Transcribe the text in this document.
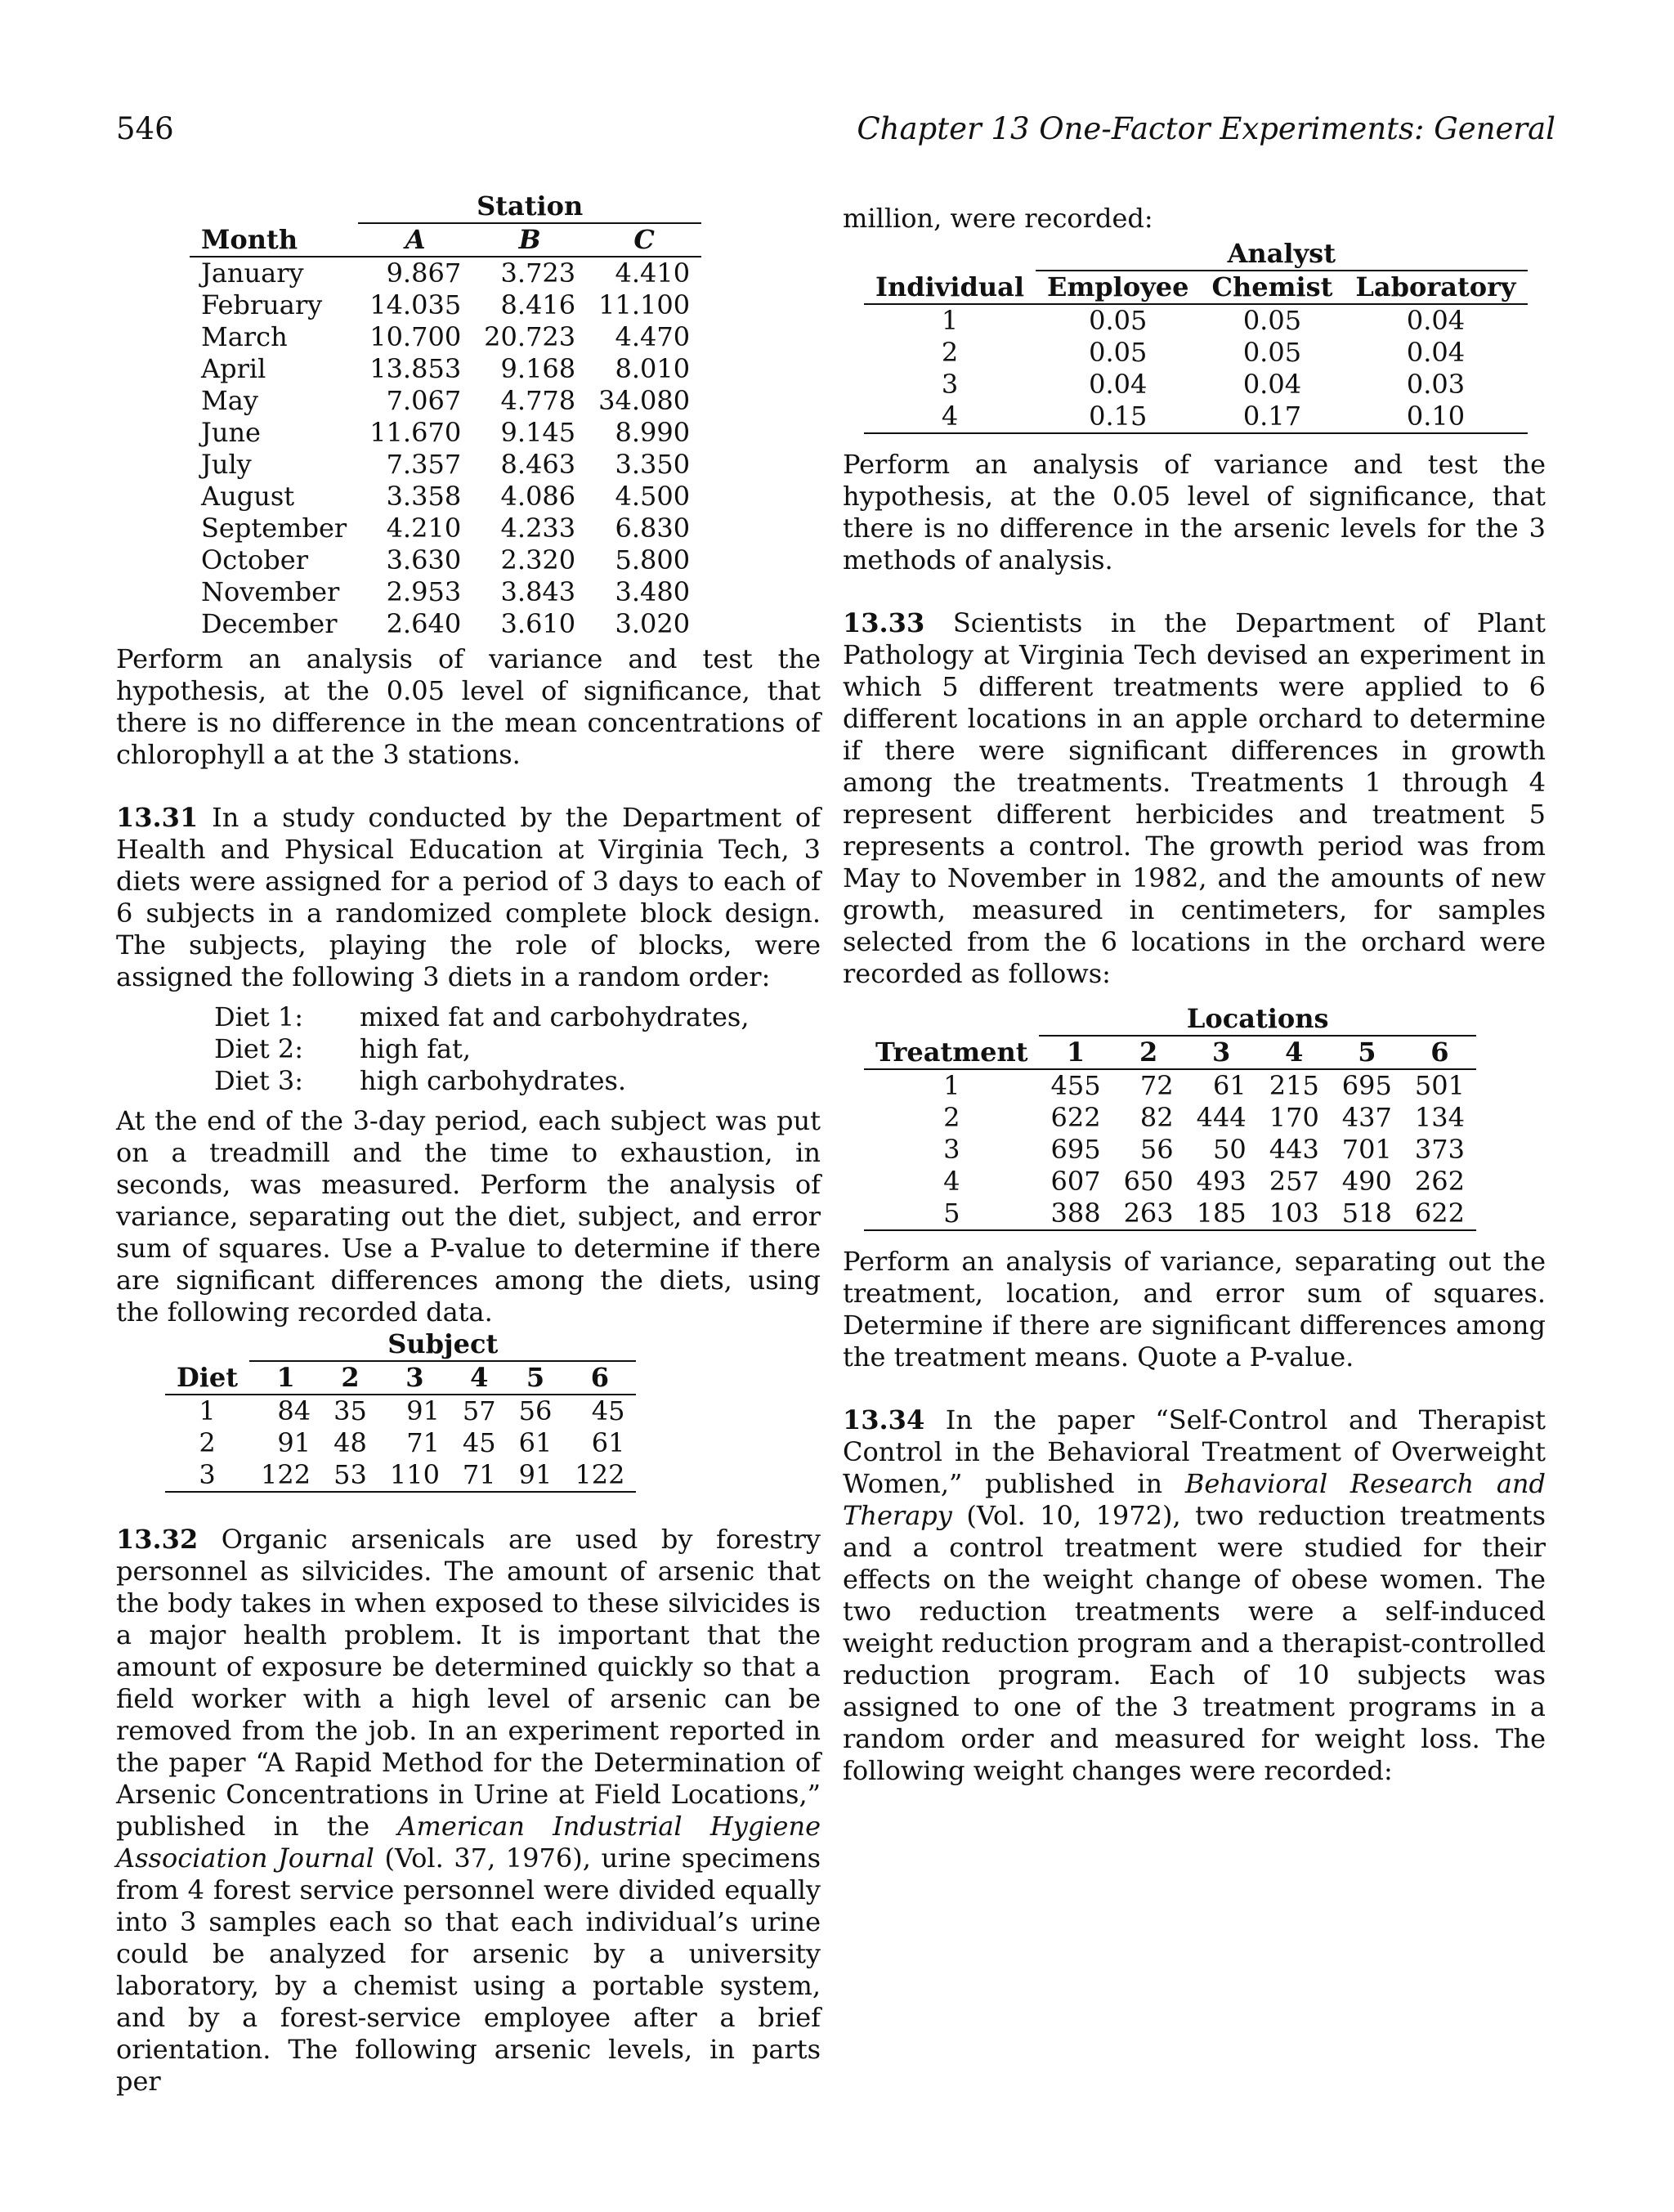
546	Chapter 13 One-Factor Experiments: General
	Station		
Month	A	B	C
January	9.867	3.723	4.410
February	14.035	8.416	11.100
March	10.700	20.723	4.470
April	13.853	9.168	8.010
May	7.067	4.778	34.080
June	11.670	9.145	8.990
July	7.357	8.463	3.350
August	3.358	4.086	4.500
September	4.210	4.233	6.830
October	3.630	2.320	5.800
November	2.953	3.843	3.480
December	2.640	3.610	3.020

Perform an analysis of variance and test the hypothesis, at the 0.05 level of significance, that there is no difference in the mean concentrations of chlorophyll a at the 3 stations.

13.31 In a study conducted by the Department of Health and Physical Education at Virginia Tech, 3 diets were assigned for a period of 3 days to each of 6 subjects in a randomized complete block design. The subjects, playing the role of blocks, were assigned the following 3 diets in a random order:

Diet 1:	mixed fat and carbohydrates,
Diet 2:	high fat,
Diet 3:	high carbohydrates.

At the end of the 3-day period, each subject was put on a treadmill and the time to exhaustion, in seconds, was measured. Perform the analysis of variance, separating out the diet, subject, and error sum of squares. Use a P-value to determine if there are significant differences among the diets, using the following recorded data.

	Subject					
Diet	1	2	3	4	5	6
1	84	35	91	57	56	45
2	91	48	71	45	61	61
3	122	53	110	71	91	122

13.32 Organic arsenicals are used by forestry personnel as silvicides. The amount of arsenic that the body takes in when exposed to these silvicides is a major health problem. It is important that the amount of exposure be determined quickly so that a field worker with a high level of arsenic can be removed from the job. In an experiment reported in the paper “A Rapid Method for the Determination of Arsenic Concentrations in Urine at Field Locations,” published in the American Industrial Hygiene Association Journal (Vol. 37, 1976), urine specimens from 4 forest service personnel were divided equally into 3 samples each so that each individual’s urine could be analyzed for arsenic by a university laboratory, by a chemist using a portable system, and by a forest-service employee after a brief orientation. The following arsenic levels, in parts per

million, were recorded:

	Analyst		
Individual	Employee	Chemist	Laboratory
1	0.05	0.05	0.04
2	0.05	0.05	0.04
3	0.04	0.04	0.03
4	0.15	0.17	0.10

Perform an analysis of variance and test the hypothesis, at the 0.05 level of significance, that there is no difference in the arsenic levels for the 3 methods of analysis.

13.33 Scientists in the Department of Plant Pathology at Virginia Tech devised an experiment in which 5 different treatments were applied to 6 different locations in an apple orchard to determine if there were significant differences in growth among the treatments. Treatments 1 through 4 represent different herbicides and treatment 5 represents a control. The growth period was from May to November in 1982, and the amounts of new growth, measured in centimeters, for samples selected from the 6 locations in the orchard were recorded as follows:

	Locations					
Treatment	1	2	3	4	5	6
1	455	72	61	215	695	501
2	622	82	444	170	437	134
3	695	56	50	443	701	373
4	607	650	493	257	490	262
5	388	263	185	103	518	622

Perform an analysis of variance, separating out the treatment, location, and error sum of squares. Determine if there are significant differences among the treatment means. Quote a P-value.

13.34 In the paper “Self-Control and Therapist Control in the Behavioral Treatment of Overweight Women,” published in Behavioral Research and Therapy (Vol. 10, 1972), two reduction treatments and a control treatment were studied for their effects on the weight change of obese women. The two reduction treatments were a self-induced weight reduction program and a therapist-controlled reduction program. Each of 10 subjects was assigned to one of the 3 treatment programs in a random order and measured for weight loss. The following weight changes were recorded:
